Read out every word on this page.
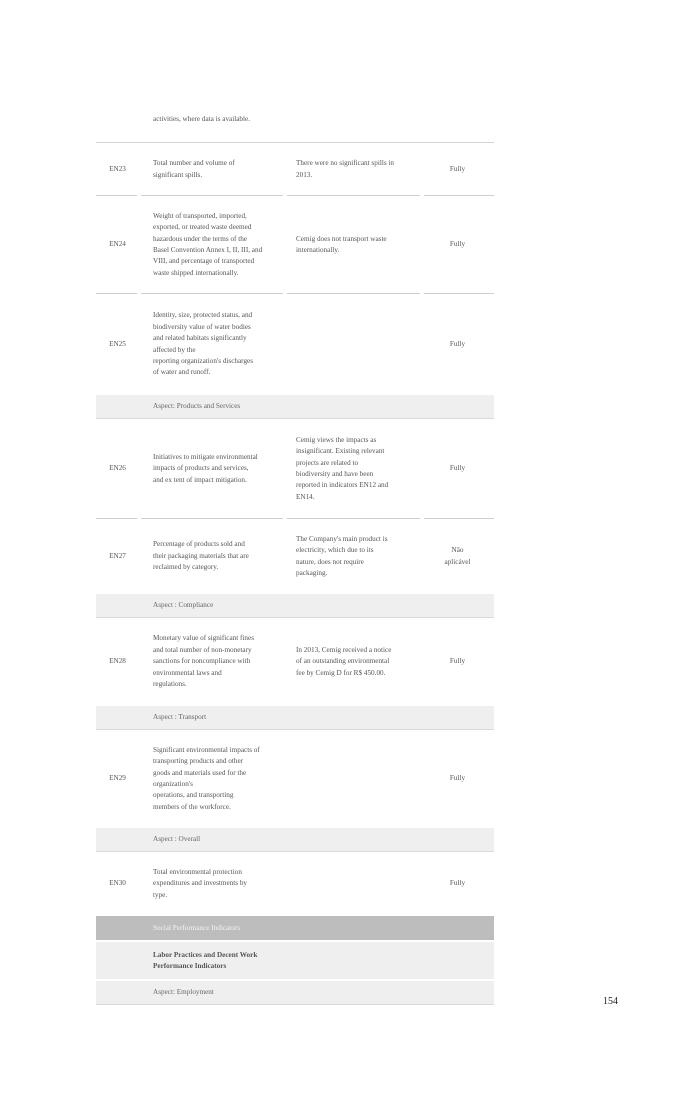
activities, where data is available.
EN23
Total number and volume of
significant spills.
There were no significant spills in
2013.
Fully
EN24
Weight of transported, imported,
exported, or treated waste deemed
hazardous under the terms of the
Basel Convention Annex I, II, III, and
VIII, and percentage of transported
waste shipped internationally.
Cemig does not transport waste
internationally.
Fully
EN25
Identity, size, protected status, and
biodiversity value of water bodies
and related habitats significantly
affected by the
reporting organization's discharges
of water and runoff.
Fully
Aspect: Products and Services
EN26
Initiatives to mitigate environmental
impacts of products and services,
and ex tent of impact mitigation.
Cemig views the impacts as
insignificant. Existing relevant
projects are related to
biodiversity and have been
reported in indicators EN12 and
EN14.
Fully
EN27
Percentage of products sold and
their packaging materials that are
reclaimed by category.
The Company's main product is
electricity, which due to its
nature, does not require
packaging.
Não
aplicável
Aspect : Compliance
EN28
Monetary value of significant fines
and total number of non-monetary
sanctions for noncompliance with
environmental laws and
regulations.
In 2013, Cemig received a notice
of an outstanding environmental
fee by Cemig D for R$ 450.00.
Fully
Aspect : Transport
EN29
Significant environmental impacts of
transporting products and other
goods and materials used for the
organization's
operations, and transporting
members of the workforce.
Fully
Aspect : Overall
EN30
Total environmental protection
expenditures and investments by
type.
Fully
Social Performance Indicators
Labor Practices and Decent Work
Performance Indicators
Aspect: Employment
154
